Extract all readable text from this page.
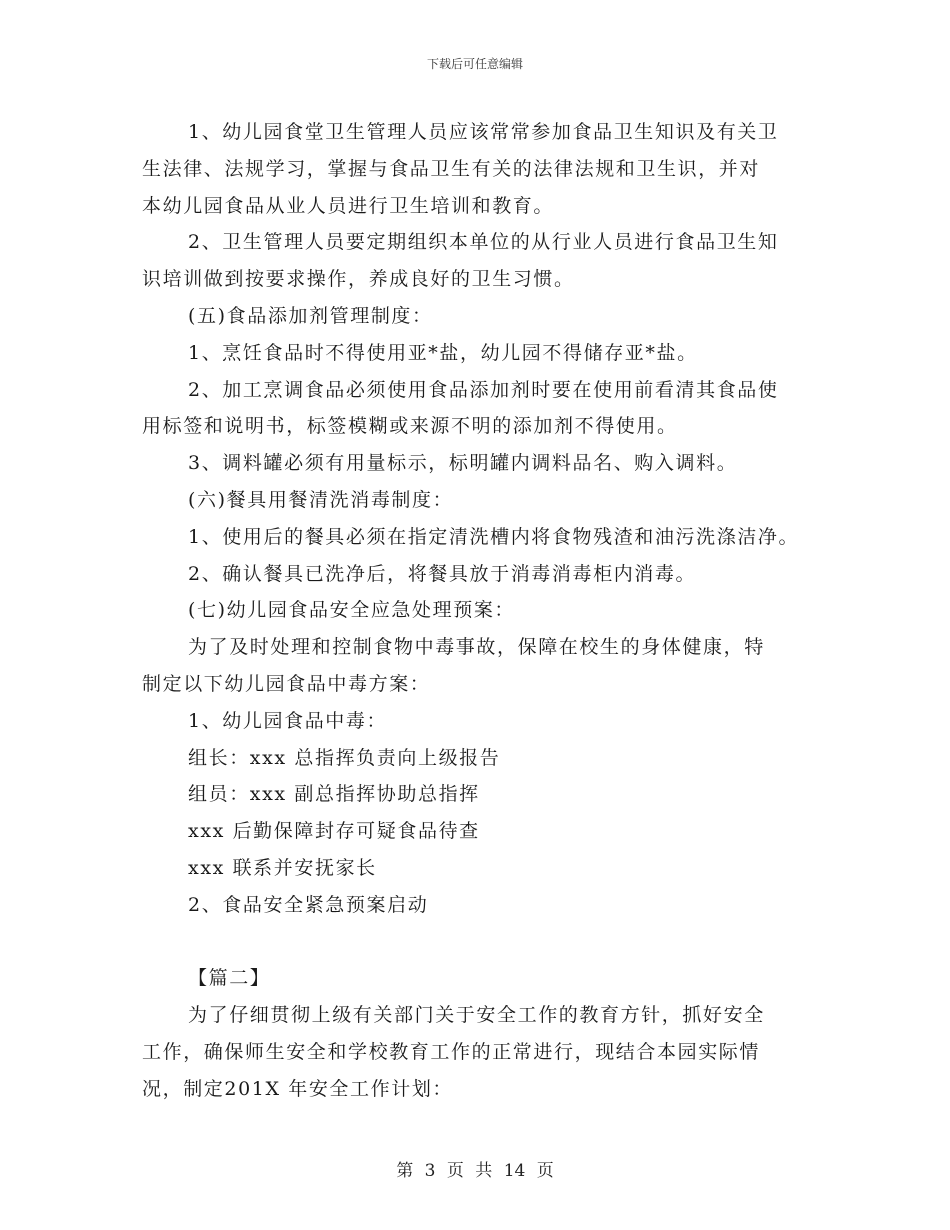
下载后可任意编辑
1、幼儿园食堂卫生管理人员应该常常参加食品卫生知识及有关卫
生法律、法规学习，掌握与食品卫生有关的法律法规和卫生识，并对
本幼儿园食品从业人员进行卫生培训和教育。
2、卫生管理人员要定期组织本单位的从行业人员进行食品卫生知
识培训做到按要求操作，养成良好的卫生习惯。
(五)食品添加剂管理制度：
1、烹饪食品时不得使用亚*盐，幼儿园不得储存亚*盐。
2、加工烹调食品必须使用食品添加剂时要在使用前看清其食品使
用标签和说明书，标签模糊或来源不明的添加剂不得使用。
3、调料罐必须有用量标示，标明罐内调料品名、购入调料。
(六)餐具用餐清洗消毒制度：
1、使用后的餐具必须在指定清洗槽内将食物残渣和油污洗涤洁净。
2、确认餐具已洗净后，将餐具放于消毒消毒柜内消毒。
(七)幼儿园食品安全应急处理预案：
为了及时处理和控制食物中毒事故，保障在校生的身体健康，特
制定以下幼儿园食品中毒方案：
1、幼儿园食品中毒：
组长：xxx 总指挥负责向上级报告
组员：xxx 副总指挥协助总指挥
xxx 后勤保障封存可疑食品待查
xxx 联系并安抚家长
2、食品安全紧急预案启动
【篇二】
为了仔细贯彻上级有关部门关于安全工作的教育方针，抓好安全
工作，确保师生安全和学校教育工作的正常进行，现结合本园实际情
况，制定201X 年安全工作计划：
第 3 页 共 14 页
